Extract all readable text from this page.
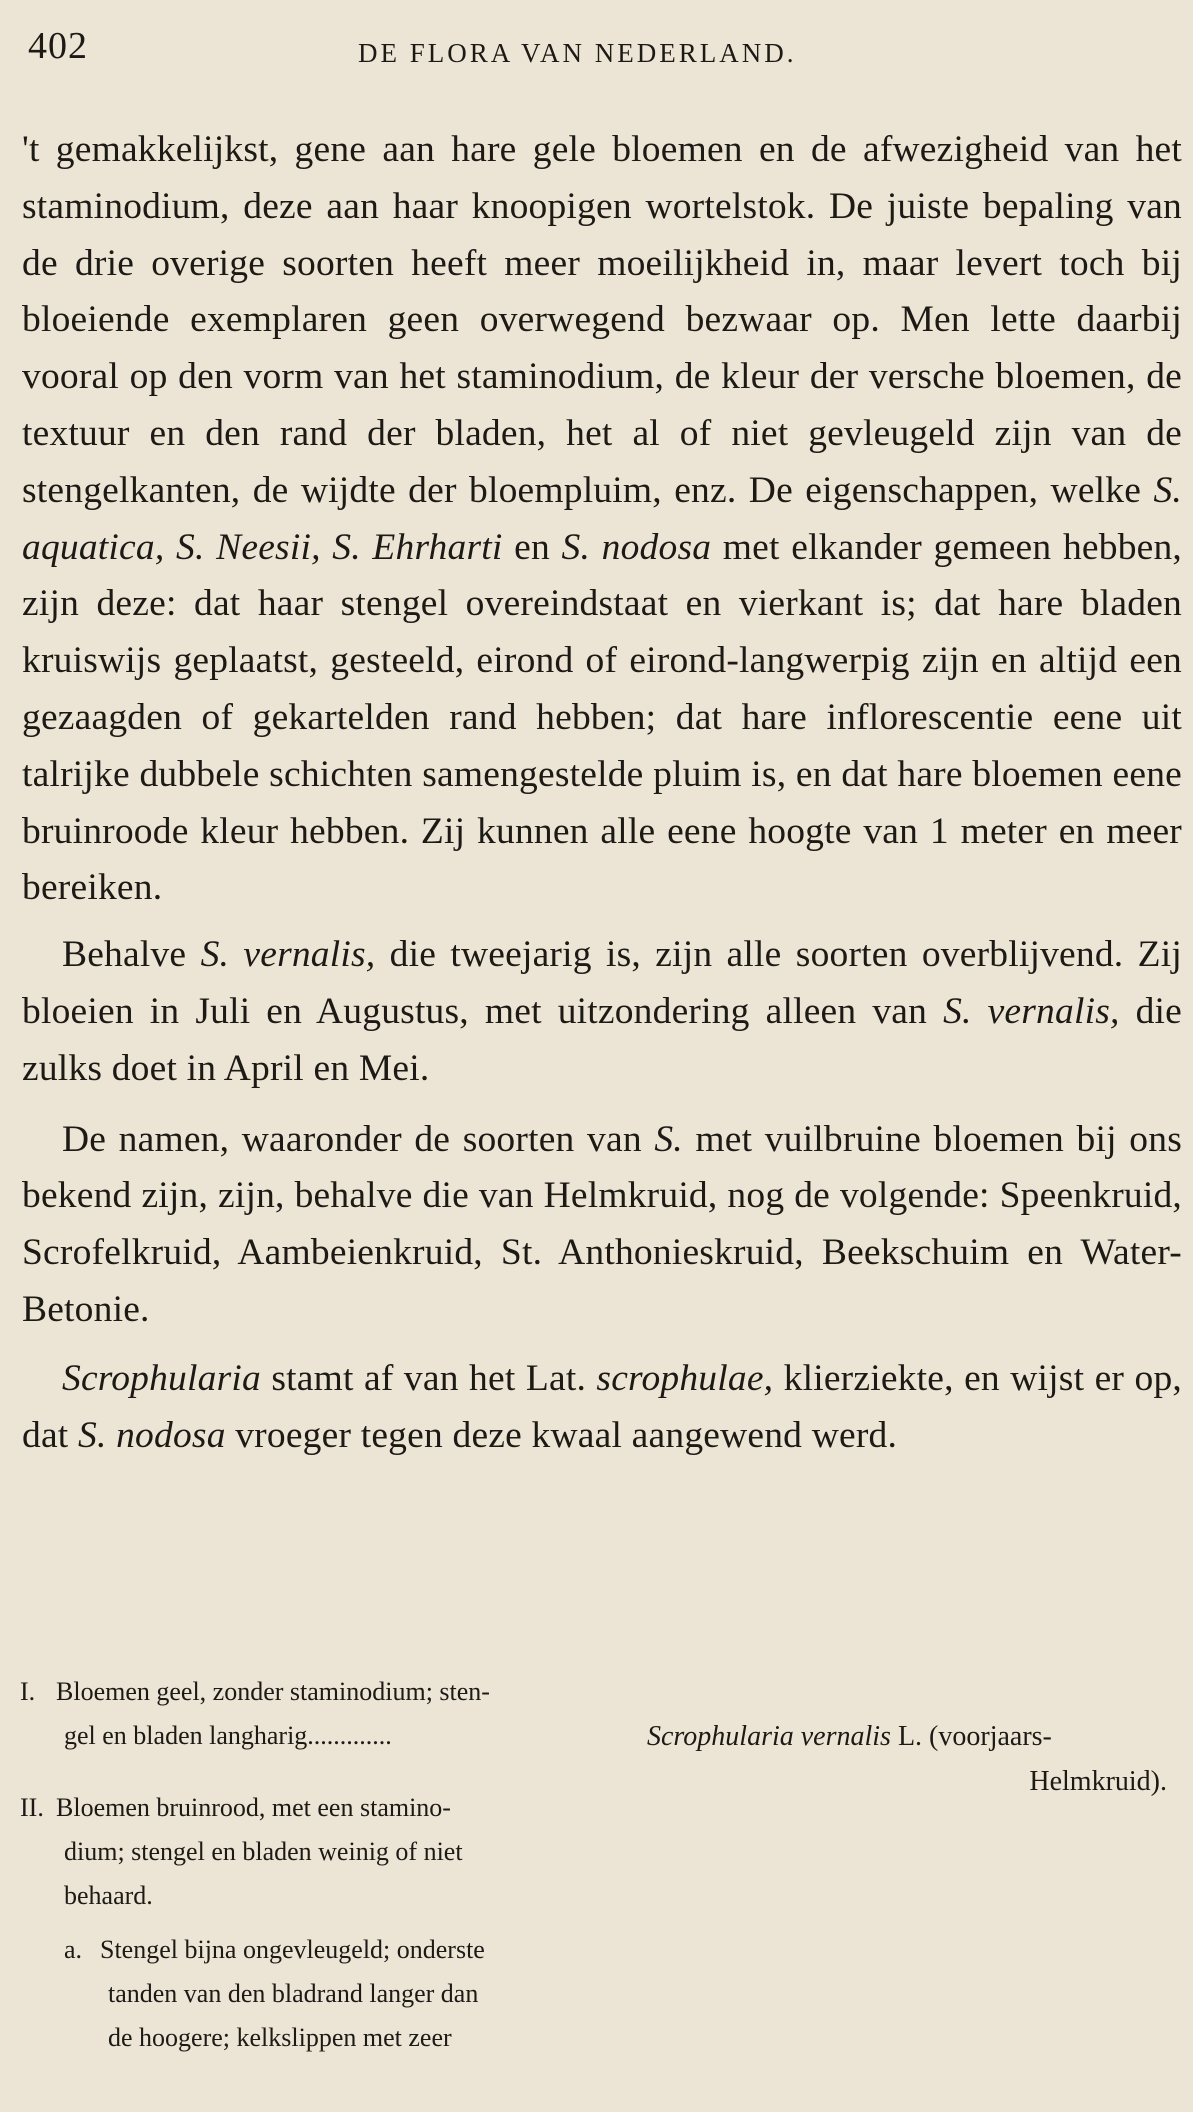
402	DE FLORA VAN NEDERLAND.

't gemakkelijkst, gene aan hare gele bloemen en de afwezigheid van het staminodium, deze aan haar knoopigen wortelstok. De juiste bepaling van de drie overige soorten heeft meer moeilijkheid in, maar levert toch bij bloeiende exemplaren geen overwegend bezwaar op. Men lette daarbij vooral op den vorm van het staminodium, de kleur der versche bloemen, de textuur en den rand der bladen, het al of niet gevleugeld zijn van de stengelkanten, de wijdte der bloempluim, enz. De eigenschappen, welke S. aquatica, S. Neesii, S. Ehrharti en S. nodosa met elkander gemeen hebben, zijn deze: dat haar stengel overeindstaat en vierkant is; dat hare bladen kruiswijs geplaatst, gesteeld, eirond of eirond-langwerpig zijn en altijd een gezaagden of gekartelden rand hebben; dat hare inflorescentie eene uit talrijke dubbele schichten samengestelde pluim is, en dat hare bloemen eene bruinroode kleur hebben. Zij kunnen alle eene hoogte van 1 meter en meer bereiken.

Behalve S. vernalis, die tweejarig is, zijn alle soorten overblijvend. Zij bloeien in Juli en Augustus, met uitzondering alleen van S. vernalis, die zulks doet in April en Mei.

De namen, waaronder de soorten van S. met vuilbruine bloemen bij ons bekend zijn, zijn, behalve die van Helmkruid, nog de volgende: Speenkruid, Scrofelkruid, Aambeienkruid, St. Anthonieskruid, Beekschuim en Water-Betonie.

Scrophularia stamt af van het Lat. scrophulae, klierziekte, en wijst er op, dat S. nodosa vroeger tegen deze kwaal aangewend werd.

I. Bloemen geel, zonder staminodium; sten-
gel en bladen langharig.............	Scrophularia vernalis L. (voorjaars-
Helmkruid).
II. Bloemen bruinrood, met een stamino-
dium; stengel en bladen weinig of niet
behaard.
a. Stengel bijna ongevleugeld; onderste
tanden van den bladrand langer dan
de hoogere; kelkslippen met zeer
